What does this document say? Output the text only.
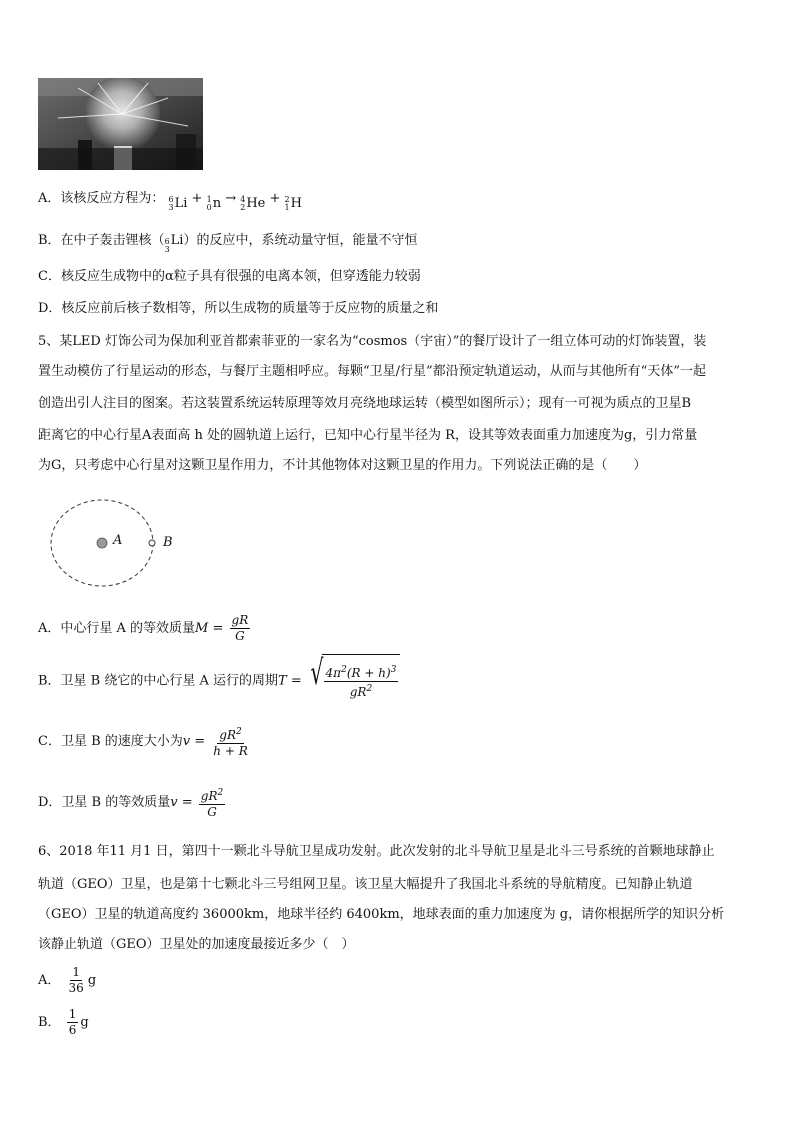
A．该核反应方程为： 6
3 Li + 1
0 n → 4
2 He + 2
1 H
B．在中子轰击锂核（ 6
3
Li）的反应中，系统动量守恒，能量不守恒
C．核反应生成物中的α粒子具有很强的电离本领，但穿透能力较弱
D．核反应前后核子数相等，所以生成物的质量等于反应物的质量之和
5、某LED 灯饰公司为保加利亚首都索菲亚的一家名为“cosmos（宇宙）”的餐厅设计了一组立体可动的灯饰装置，装
置生动模仿了行星运动的形态，与餐厅主题相呼应。每颗“卫星/行星”都沿预定轨道运动，从而与其他所有“天体”一起
创造出引人注目的图案。若这装置系统运转原理等效月亮绕地球运转（模型如图所示）；现有一可视为质点的卫星B
距离它的中心行星A表面高 h 处的圆轨道上运行，已知中心行星半径为 R，设其等效表面重力加速度为g，引力常量
为G，只考虑中心行星对这颗卫星作用力，不计其他物体对这颗卫星的作用力。下列说法正确的是（　　）
A	B
A．中心行星 A 的等效质量$M = \frac{gR}{G}$
B．卫星 B 绕它的中心行星 A 运行的周期T = √ $\frac{4\pi^2(R + h)^3}{gR^2}$
C．卫星 B 的速度大小为$v = \frac{gR^2}{h + R}$
D．卫星 B 的等效质量$v = \frac{gR^2}{G}$
6、2018 年11 月1 日，第四十一颗北斗导航卫星成功发射。此次发射的北斗导航卫星是北斗三号系统的首颗地球静止
轨道（GEO）卫星，也是第十七颗北斗三号组网卫星。该卫星大幅提升了我国北斗系统的导航精度。已知静止轨道
（GEO）卫星的轨道高度约 36000km，地球半径约 6400km，地球表面的重力加速度为 g，请你根据所学的知识分析
该静止轨道（GEO）卫星处的加速度最接近多少（　）
A． $\frac{1}{36}$ g
B． $\frac{1}{6}$ g
